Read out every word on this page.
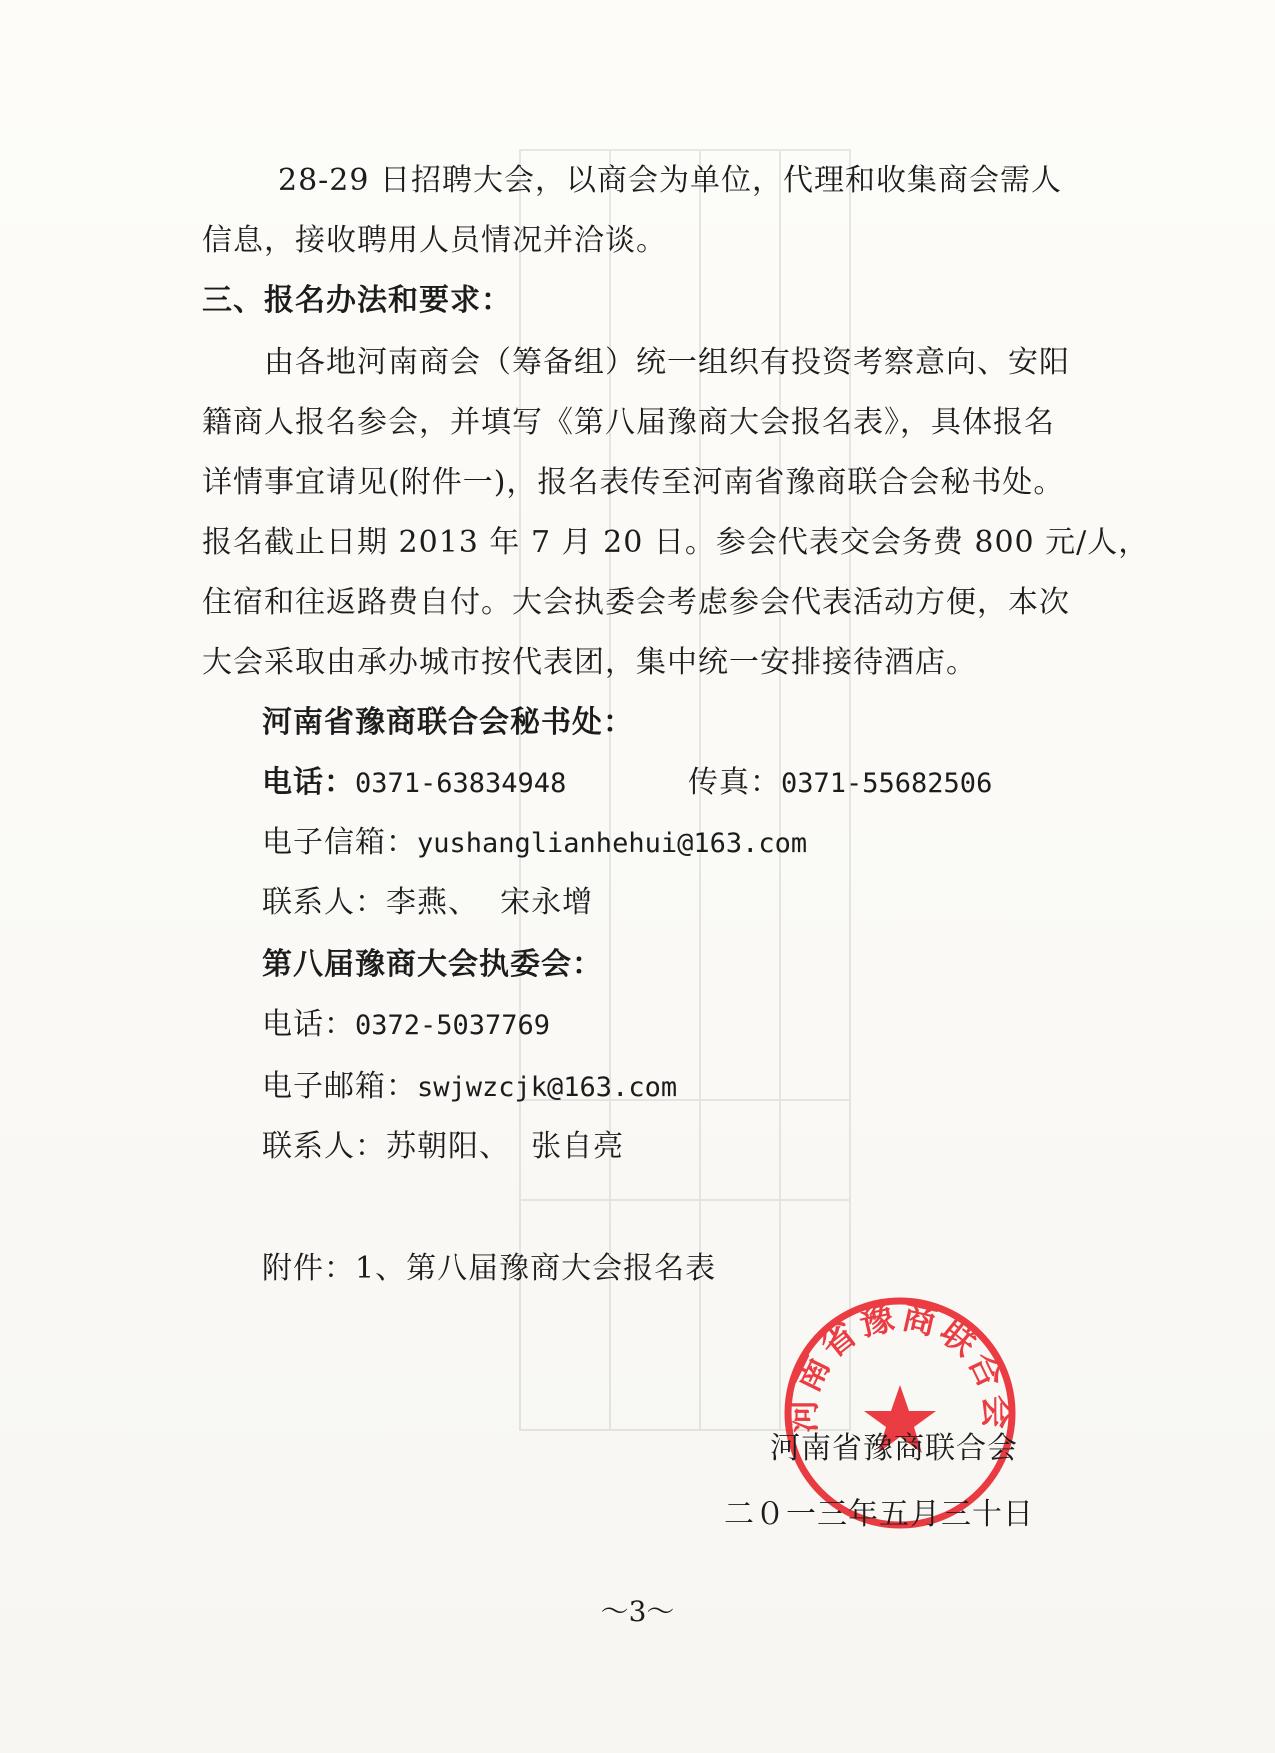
28-29 日招聘大会，以商会为单位，代理和收集商会需人
信息，接收聘用人员情况并洽谈。
三、报名办法和要求：
由各地河南商会（筹备组）统一组织有投资考察意向、安阳
籍商人报名参会，并填写《第八届豫商大会报名表》，具体报名
详情事宜请见(附件一)，报名表传至河南省豫商联合会秘书处。
报名截止日期 2013 年 7 月 20 日。参会代表交会务费 800 元/人，
住宿和往返路费自付。大会执委会考虑参会代表活动方便，本次
大会采取由承办城市按代表团，集中统一安排接待酒店。
河南省豫商联合会秘书处：
电话：0371-63834948	传真：0371-55682506
电子信箱：yushanglianhehui@163.com
联系人：李燕、  宋永增
第八届豫商大会执委会：
电话：0372-5037769
电子邮箱：swjwzcjk@163.com
联系人：苏朝阳、  张自亮
附件：1、第八届豫商大会报名表
河南省豫商联合会
河南省豫商联合会
二０一三年五月三十日
～3～
